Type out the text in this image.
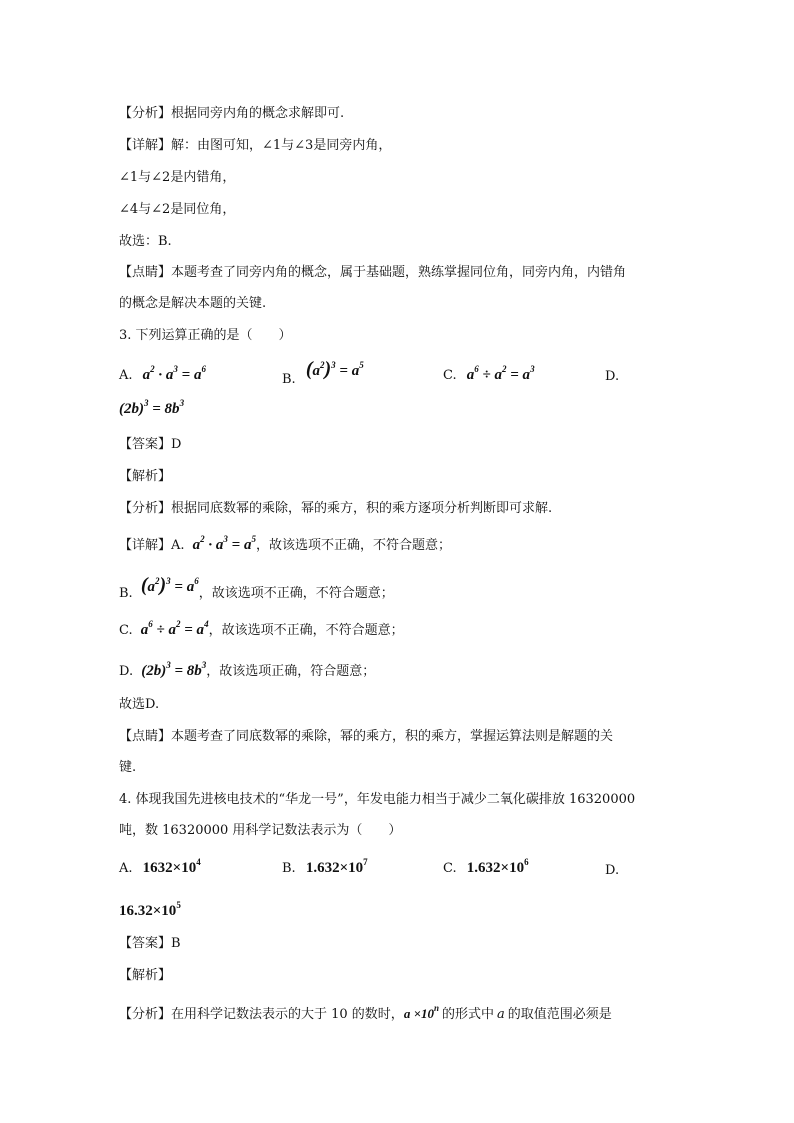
【分析】根据同旁内角的概念求解即可.
【详解】解：由图可知，∠1与∠3是同旁内角，
∠1与∠2是内错角，
∠4与∠2是同位角，
故选：B.
【点睛】本题考查了同旁内角的概念，属于基础题，熟练掌握同位角，同旁内角，内错角
的概念是解决本题的关键.
3. 下列运算正确的是（　　）
A. $a^2 \cdot a^3 = a^6$
B. $(a^2)^3 = a^5$
C. $a^6 \div a^2 = a^3$	D.
$(2b)^3 = 8b^3$
【答案】D
【解析】
【分析】根据同底数幂的乘除，幂的乘方，积的乘方逐项分析判断即可求解.
【详解】A. $a^2 \cdot a^3 = a^5$，故该选项不正确，不符合题意；
B. $(a^2)^3 = a^6$，故该选项不正确，不符合题意；
C. $a^6 \div a^2 = a^4$，故该选项不正确，不符合题意；
D. $(2b)^3 = 8b^3$，故该选项正确，符合题意；
故选D.
【点睛】本题考查了同底数幂的乘除，幂的乘方，积的乘方，掌握运算法则是解题的关
键.
4. 体现我国先进核电技术的“华龙一号”，年发电能力相当于减少二氧化碳排放 16320000
吨，数 16320000 用科学记数法表示为（　　）
A. $1632\times 10^4$	B. $1.632\times 10^7$	C. $1.632\times 10^6$
D.
$16.32\times 10^5$
【答案】B
【解析】
【分析】在用科学记数法表示的大于 10 的数时，$a \times 10^n$ 的形式中 a 的取值范围必须是
